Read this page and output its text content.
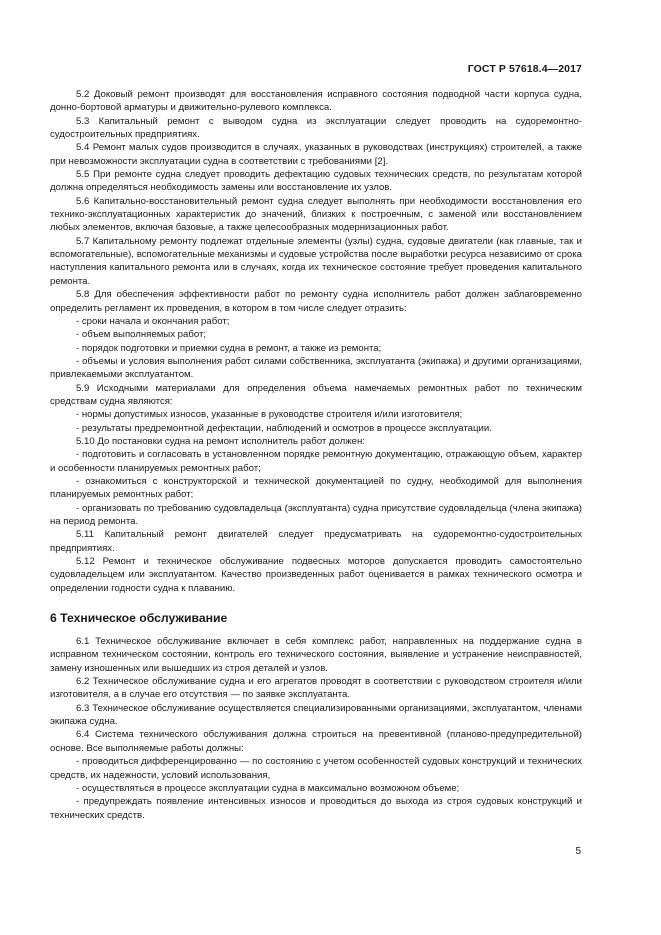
ГОСТ Р 57618.4—2017

5.2 Доковый ремонт производят для восстановления исправного состояния подводной части корпуса судна, донно-бортовой арматуры и движительно-рулевого комплекса.

5.3 Капитальный ремонт с выводом судна из эксплуатации следует проводить на судоремонтно-судостроительных предприятиях.

5.4 Ремонт малых судов производится в случаях, указанных в руководствах (инструкциях) строителей, а также при невозможности эксплуатации судна в соответствии с требованиями [2].

5.5 При ремонте судна следует проводить дефектацию судовых технических средств, по результатам которой должна определяться необходимость замены или восстановление их узлов.

5.6 Капитально-восстановительный ремонт судна следует выполнять при необходимости восстановления его технико-эксплуатационных характеристик до значений, близких к построечным, с заменой или восстановлением любых элементов, включая базовые, а также целесообразных модернизационных работ.

5.7 Капитальному ремонту подлежат отдельные элементы (узлы) судна, судовые двигатели (как главные, так и вспомогательные), вспомогательные механизмы и судовые устройства после выработки ресурса независимо от срока наступления капитального ремонта или в случаях, когда их техническое состояние требует проведения капитального ремонта.

5.8 Для обеспечения эффективности работ по ремонту судна исполнитель работ должен заблаговременно определить регламент их проведения, в котором в том числе следует отразить:

- сроки начала и окончания работ;

- объем выполняемых работ;

- порядок подготовки и приемки судна в ремонт, а также из ремонта;

- объемы и условия выполнения работ силами собственника, эксплуатанта (экипажа) и другими организациями, привлекаемыми эксплуатантом.

5.9 Исходными материалами для определения объема намечаемых ремонтных работ по техническим средствам судна являются:

- нормы допустимых износов, указанные в руководстве строителя и/или изготовителя;

- результаты предремонтной дефектации, наблюдений и осмотров в процессе эксплуатации.

5.10 До постановки судна на ремонт исполнитель работ должен:

- подготовить и согласовать в установленном порядке ремонтную документацию, отражающую объем, характер и особенности планируемых ремонтных работ;

- ознакомиться с конструкторской и технической документацией по судну, необходимой для выполнения планируемых ремонтных работ;

- организовать по требованию судовладельца (эксплуатанта) судна присутствие судовладельца (члена экипажа) на период ремонта.

5.11 Капитальный ремонт двигателей следует предусматривать на судоремонтно-судостроительных предприятиях.

5.12 Ремонт и техническое обслуживание подвесных моторов допускается проводить самостоятельно судовладельцем или эксплуатантом. Качество произведенных работ оценивается в рамках технического осмотра и определении годности судна к плаванию.

6 Техническое обслуживание

6.1 Техническое обслуживание включает в себя комплекс работ, направленных на поддержание судна в исправном техническом состоянии, контроль его технического состояния, выявление и устранение неисправностей, замену изношенных или вышедших из строя деталей и узлов.

6.2 Техническое обслуживание судна и его агрегатов проводят в соответствии с руководством строителя и/или изготовителя, а в случае его отсутствия — по заявке эксплуатанта.

6.3 Техническое обслуживание осуществляется специализированными организациями, эксплуатантом, членами экипажа судна.

6.4 Система технического обслуживания должна строиться на превентивной (планово-предупредительной) основе. Все выполняемые работы должны:

- проводиться дифференцированно — по состоянию с учетом особенностей судовых конструкций и технических средств, их надежности, условий использования,

- осуществляться в процессе эксплуатации судна в максимально возможном объеме;

- предупреждать появление интенсивных износов и проводиться до выхода из строя судовых конструкций и технических средств.

5
